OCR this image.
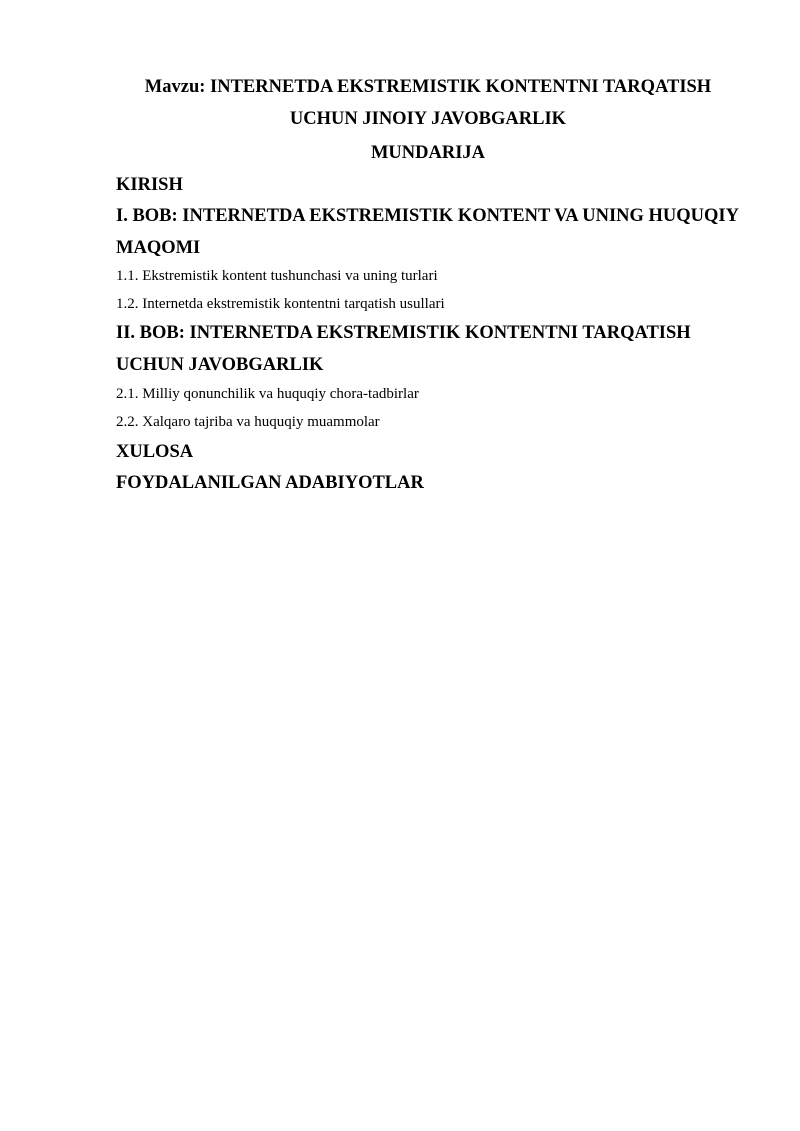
Mavzu: INTERNETDA EKSTREMISTIK KONTENTNI TARQATISH
UCHUN JINOIY JAVOBGARLIK
MUNDARIJA
KIRISH
I. BOB: INTERNETDA EKSTREMISTIK KONTENT VA UNING HUQUQIY
MAQOMI
1.1. Ekstremistik kontent tushunchasi va uning turlari
1.2. Internetda ekstremistik kontentni tarqatish usullari
II. BOB: INTERNETDA EKSTREMISTIK KONTENTNI TARQATISH
UCHUN JAVOBGARLIK
2.1. Milliy qonunchilik va huquqiy chora-tadbirlar
2.2. Xalqaro tajriba va huquqiy muammolar
XULOSA
FOYDALANILGAN ADABIYOTLAR
